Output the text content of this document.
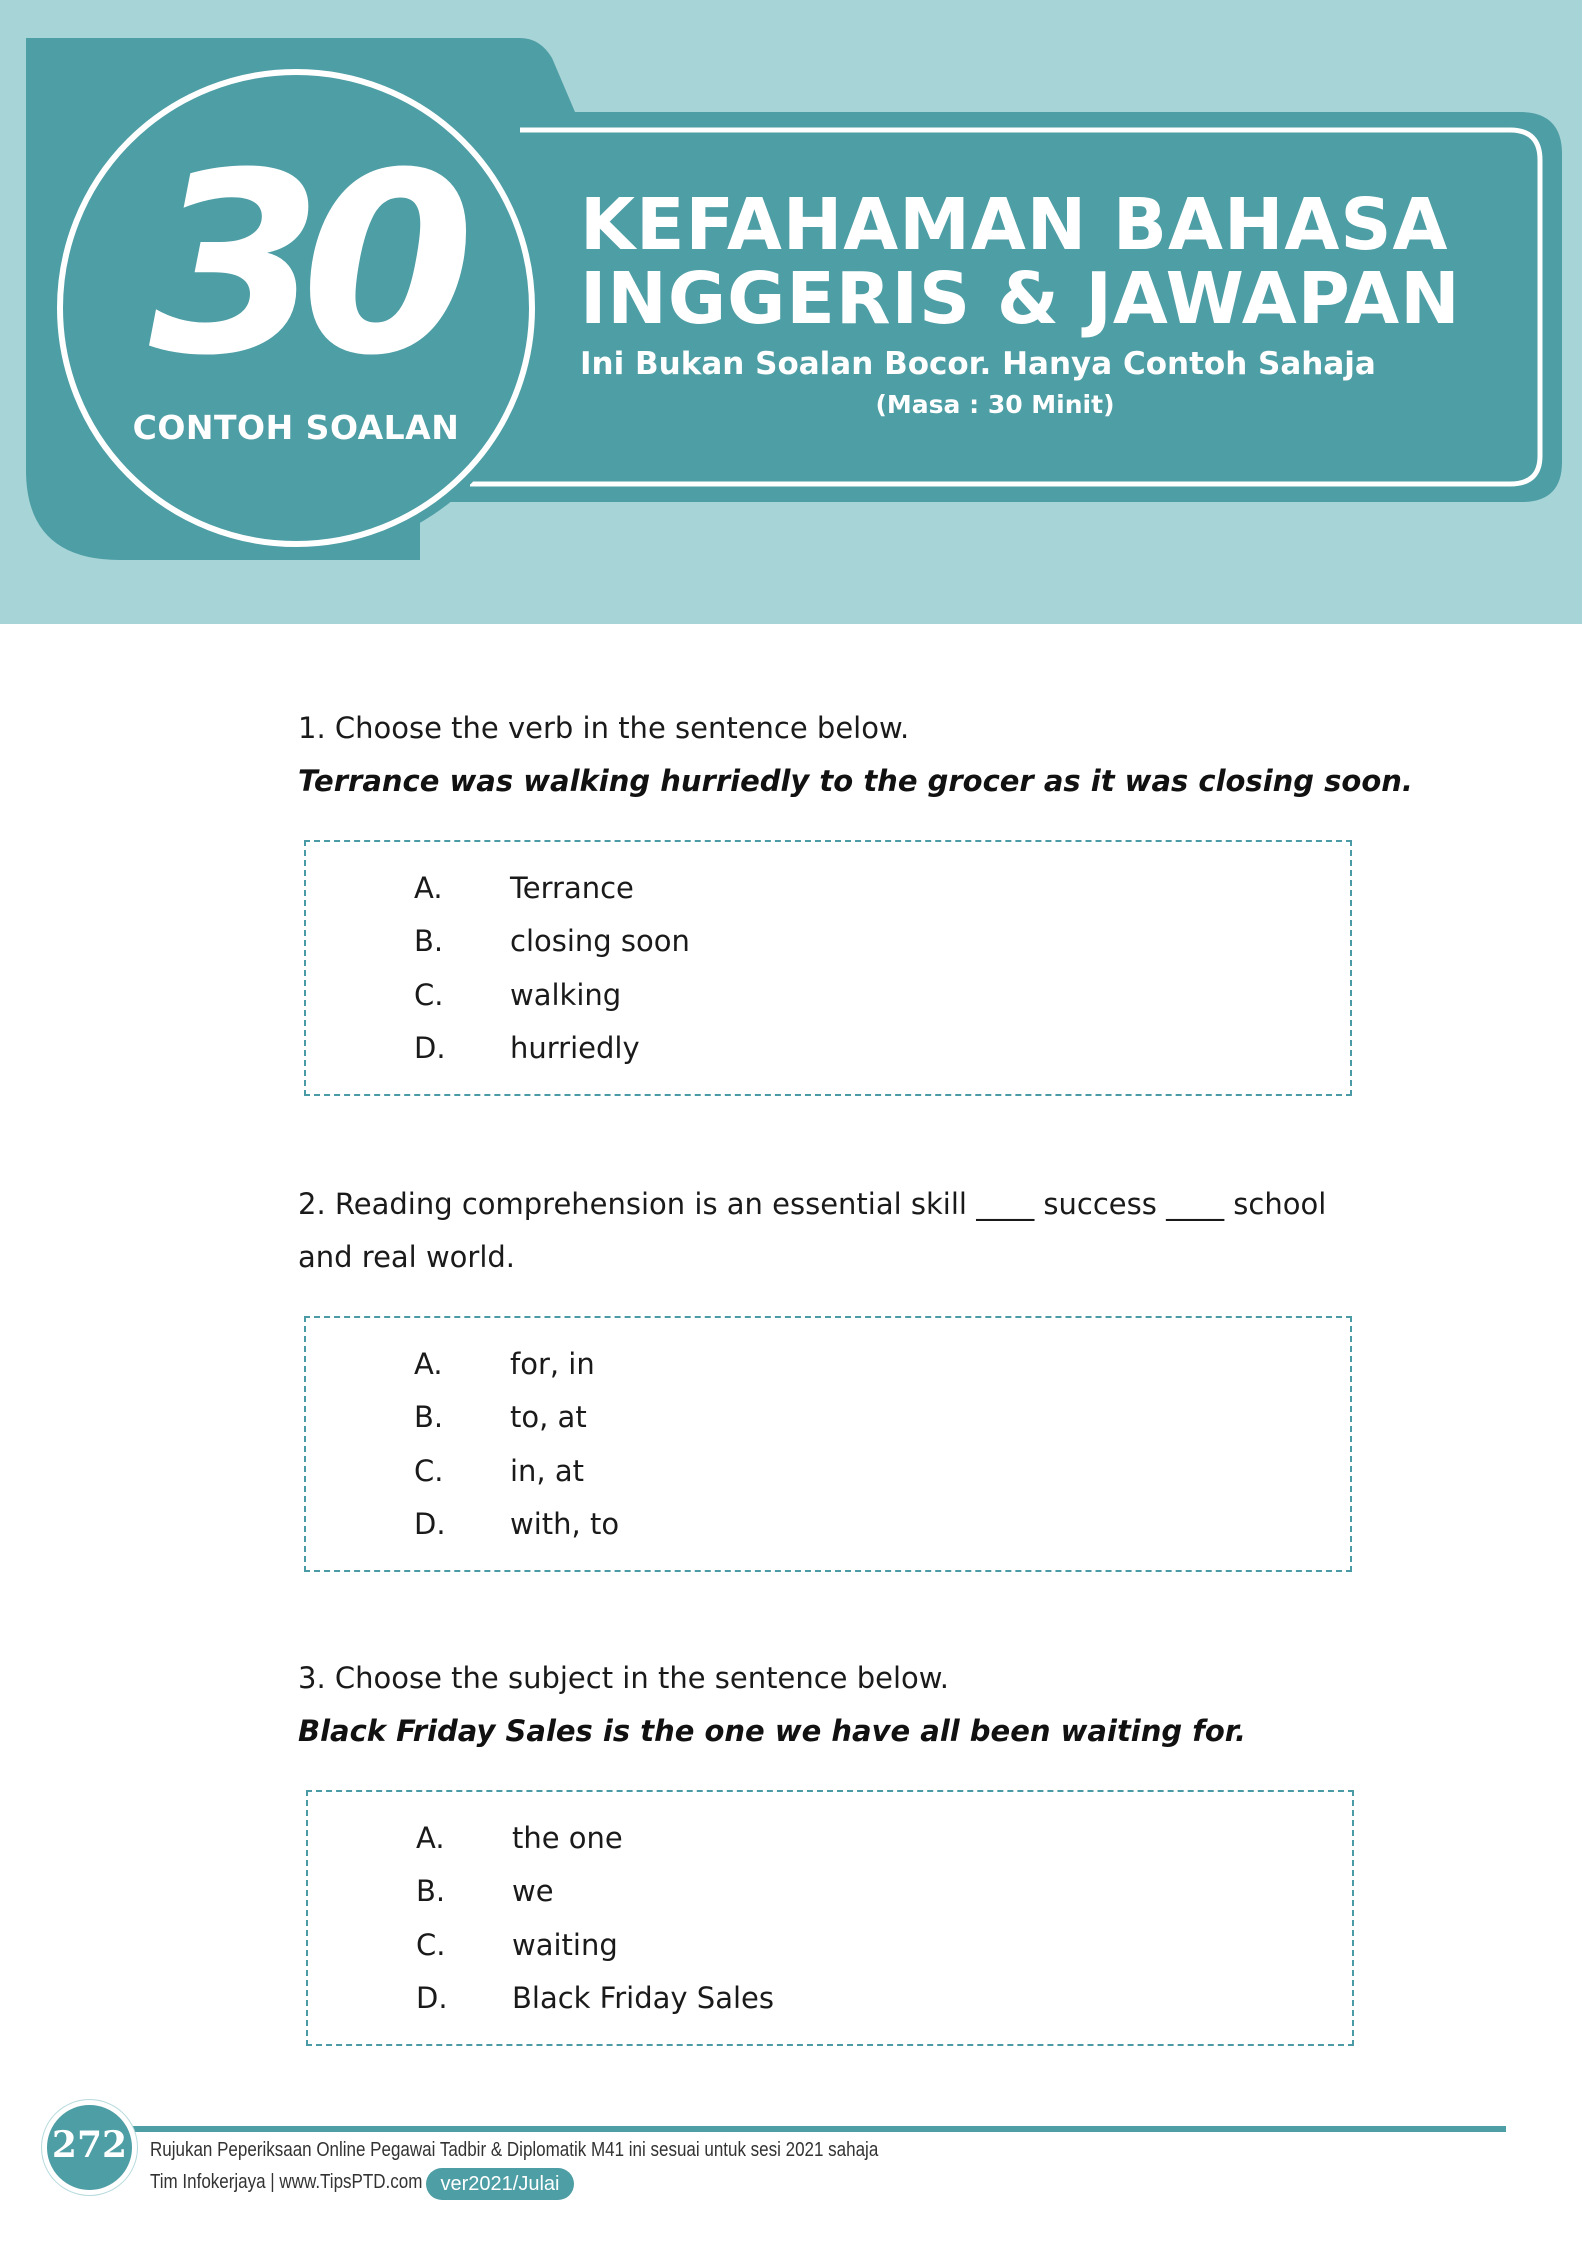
30
CONTOH SOALAN
KEFAHAMAN BAHASA
INGGERIS & JAWAPAN
Ini Bukan Soalan Bocor. Hanya Contoh Sahaja
(Masa : 30 Minit)
1. Choose the verb in the sentence below.
Terrance was walking hurriedly to the grocer as it was closing soon.
A. Terrance
B. closing soon
C. walking
D. hurriedly
2. Reading comprehension is an essential skill ____ success ____ school
and real world.
A. for, in
B. to, at
C. in, at
D. with, to
3. Choose the subject in the sentence below.
Black Friday Sales is the one we have all been waiting for.
A. the one
B. we
C. waiting
D. Black Friday Sales
272	Rujukan Peperiksaan Online Pegawai Tadbir & Diplomatik M41 ini sesuai untuk sesi 2021 sahaja
Tim Infokerjaya | www.TipsPTD.com ver2021/Julai
